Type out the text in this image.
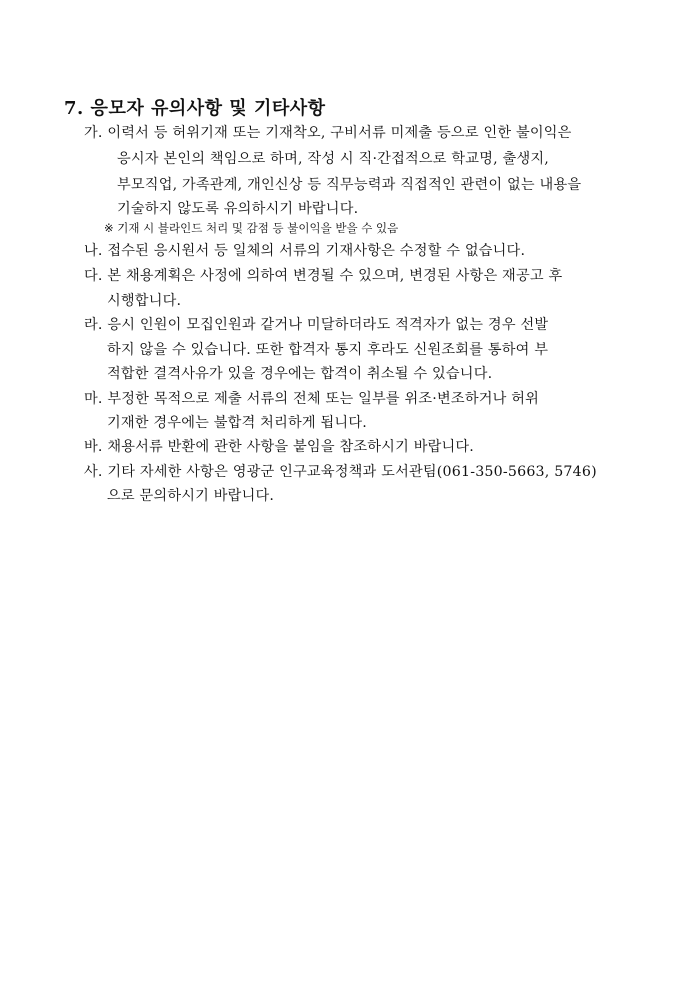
7. 응모자 유의사항 및 기타사항
가. 이력서 등 허위기재 또는 기재착오, 구비서류 미제출 등으로 인한 불이익은
응시자 본인의 책임으로 하며, 작성 시 직·간접적으로 학교명, 출생지,
부모직업, 가족관계, 개인신상 등 직무능력과 직접적인 관련이 없는 내용을
기술하지 않도록 유의하시기 바랍니다.
※ 기재 시 블라인드 처리 및 감점 등 불이익을 받을 수 있음
나. 접수된 응시원서 등 일체의 서류의 기재사항은 수정할 수 없습니다.
다. 본 채용계획은 사정에 의하여 변경될 수 있으며, 변경된 사항은 재공고 후
시행합니다.
라. 응시 인원이 모집인원과 같거나 미달하더라도 적격자가 없는 경우 선발
하지 않을 수 있습니다. 또한 합격자 통지 후라도 신원조회를 통하여 부
적합한 결격사유가 있을 경우에는 합격이 취소될 수 있습니다.
마. 부정한 목적으로 제출 서류의 전체 또는 일부를 위조·변조하거나 허위
기재한 경우에는 불합격 처리하게 됩니다.
바. 채용서류 반환에 관한 사항을 붙임을 참조하시기 바랍니다.
사. 기타 자세한 사항은 영광군 인구교육정책과 도서관팀(061-350-5663, 5746)
으로 문의하시기 바랍니다.
